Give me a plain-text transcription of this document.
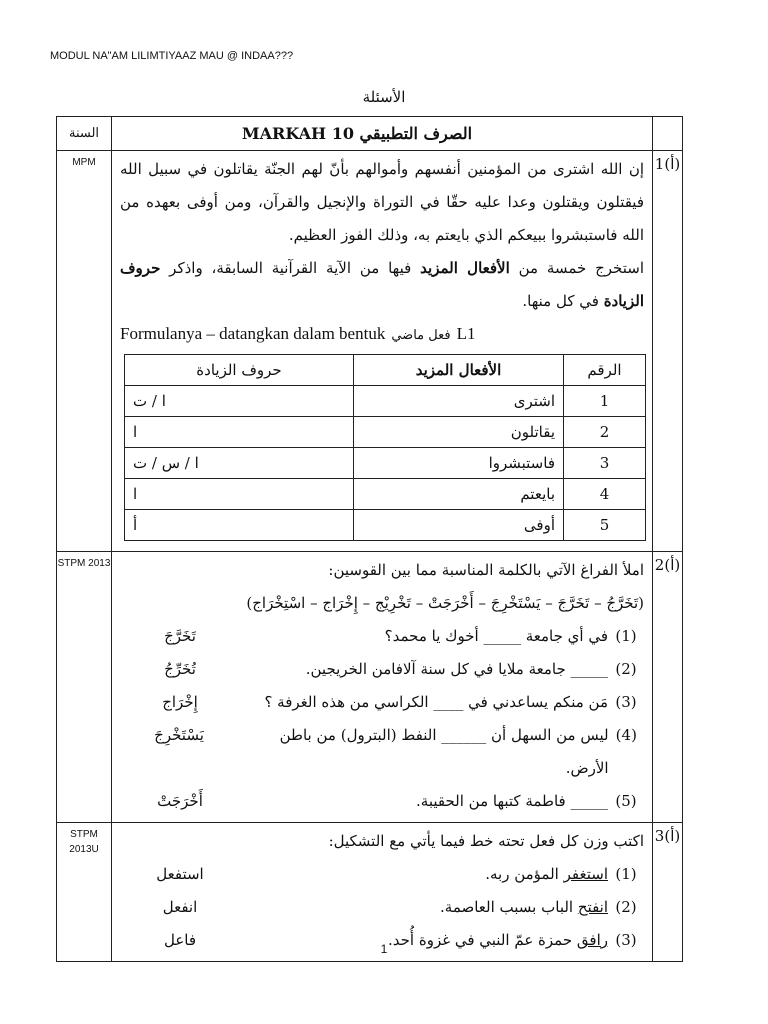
MODUL NA"AM LILIMTIYAAZ MAU @ INDAA???
الأسئلة
السنة	MARKAH 10 الصرف التطبيقي	
MPM	إن الله اشترى من المؤمنين أنفسهم وأموالهم بأنّ لهم الجنّة يقاتلون في سبيل الله فيقتلون ويقتلون وعدا عليه حقّا في التوراة والإنجيل والقرآن، ومن أوفى بعهده من الله فاستبشروا ببيعكم الذي بايعتم به، وذلك الفوز العظيم.
استخرج خمسة من الأفعال المزيد فيها من الآية القرآنية السابقة، واذكر حروف الزيادة في كل منها.
Formulanya – datangkan dalam bentuk فعل ماضي L1
الرقم	الأفعال المزيد	حروف الزيادة
1	اشترى	ا / ت
2	يقاتلون	ا
3	فاستبشروا	ا / س / ت
4	بايعتم	ا
5	أوفى	أ
	1(أ)
STPM 2013	املأ الفراغ الآتي بالكلمة المناسبة مما بين القوسين:
(تَخَرَّجُ – تَخَرَّجَ – يَسْتَخْرِجَ – أَخْرَجَتْ – تَخْرِيْج – إِخْرَاج – اسْتِخْرَاج)
(1)
في أي جامعة _____ أخوك يا محمد؟
تَخَرَّجَ
(2)
_____ جامعة ملايا في كل سنة آلافامن الخريجين.
تُخَرِّجُ
(3)
مَن منكم يساعدني في ____ الكراسي من هذه الغرفة ؟
إِخْرَاج
(4)
ليس من السهل أن ______ النفط (البترول) من باطن الأرض.
يَسْتَخْرِجَ
(5)
_____ فاطمة كتبها من الحقيبة.
أَخْرَجَتْ
	2(أ)
STPM 2013U	اكتب وزن كل فعل تحته خط فيما يأتي مع التشكيل:
(1)
استغفر المؤمن ربه.
استفعل
(2)
انفتح الباب بسبب العاصمة.
انفعل
(3)
رافق حمزة عمّ النبي في غزوة أُحد.
فاعل
	3(أ)
1
